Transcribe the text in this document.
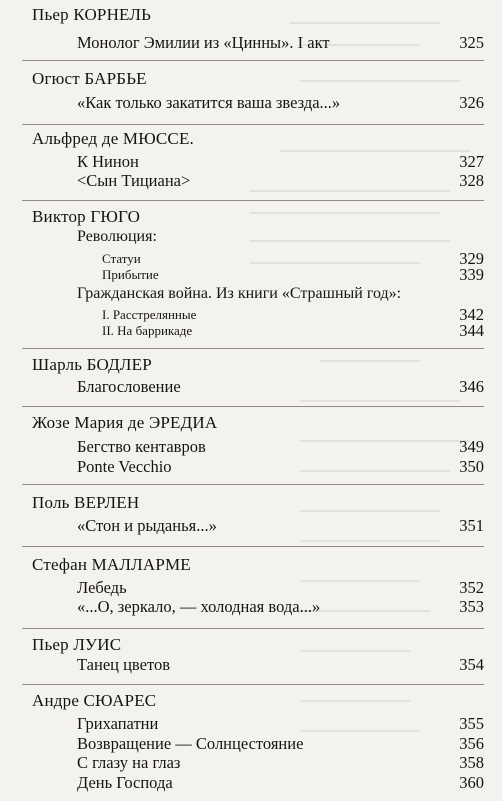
Пьер КОРНЕЛЬ
Монолог Эмилии из «Цинны». I акт	325
Огюст БАРБЬЕ
«Как только закатится ваша звезда...»	326
Альфред де МЮССЕ.
К Нинон	327
<Сын Тициана>	328
Виктор ГЮГО
Революция:
Статуи	329
Прибытие	339
Гражданская война. Из книги «Страшный год»:
I. Расстрелянные	342
II. На баррикаде	344
Шарль БОДЛЕР
Благословение	346
Жозе Мария де ЭРЕДИА
Бегство кентавров	349
Ponte Vecchio	350
Поль ВЕРЛЕН
«Стон и рыданья...»	351
Стефан МАЛЛАРМЕ
Лебедь	352
«...О, зеркало, — холодная вода...»	353
Пьер ЛУИС
Танец цветов	354
Андре СЮАРЕС
Грихапатни	355
Возвращение — Солнцестояние	356
С глазу на глаз	358
День Господа	360
